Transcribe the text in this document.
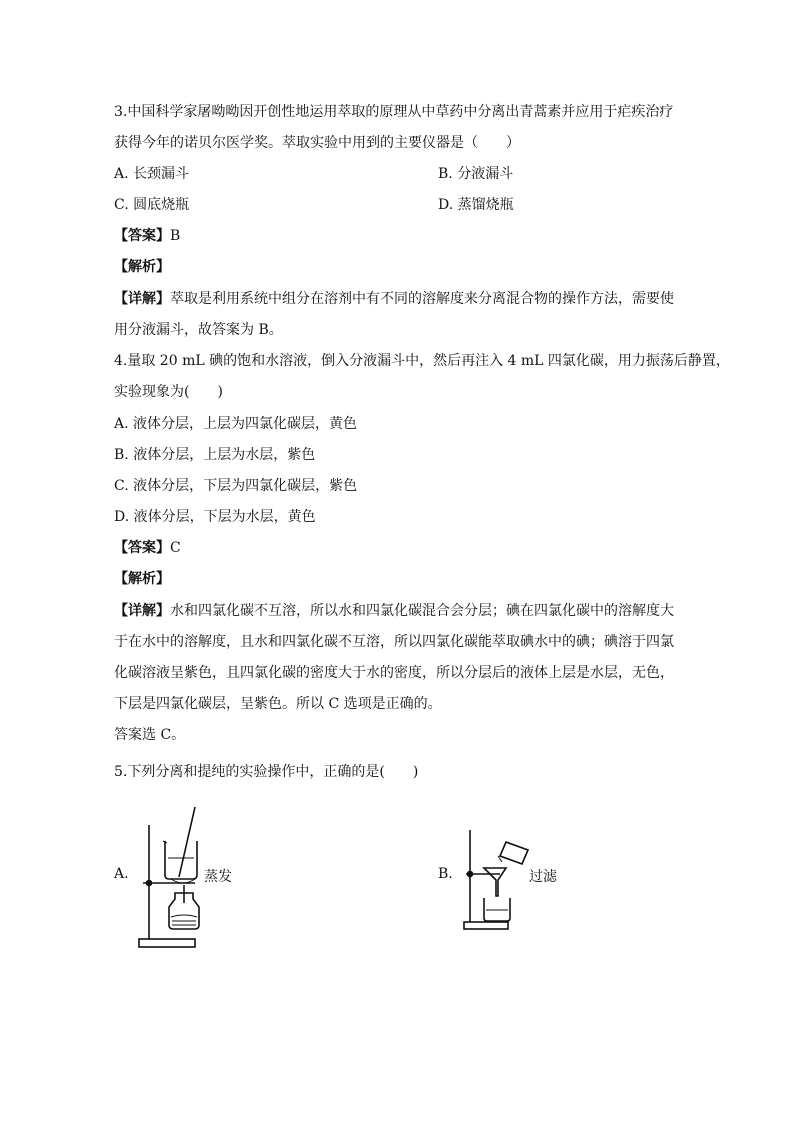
3.中国科学家屠呦呦因开创性地运用萃取的原理从中草药中分离出青蒿素并应用于疟疾治疗
获得今年的诺贝尔医学奖。萃取实验中用到的主要仪器是（　　）
A. 长颈漏斗	B. 分液漏斗
C. 圆底烧瓶	D. 蒸馏烧瓶
【答案】B
【解析】
【详解】萃取是利用系统中组分在溶剂中有不同的溶解度来分离混合物的操作方法，需要使
用分液漏斗，故答案为 B。
4.量取 20 mL 碘的饱和水溶液，倒入分液漏斗中，然后再注入 4 mL 四氯化碳，用力振荡后静置，
实验现象为(　　)
A. 液体分层，上层为四氯化碳层，黄色
B. 液体分层，上层为水层，紫色
C. 液体分层，下层为四氯化碳层，紫色
D. 液体分层，下层为水层，黄色
【答案】C
【解析】
【详解】水和四氯化碳不互溶，所以水和四氯化碳混合会分层；碘在四氯化碳中的溶解度大
于在水中的溶解度，且水和四氯化碳不互溶，所以四氯化碳能萃取碘水中的碘；碘溶于四氯
化碳溶液呈紫色，且四氯化碳的密度大于水的密度，所以分层后的液体上层是水层，无色，
下层是四氯化碳层，呈紫色。所以 C 选项是正确的。
答案选 C。
5.下列分离和提纯的实验操作中，正确的是(　　)
A.	蒸发	B.	过滤
